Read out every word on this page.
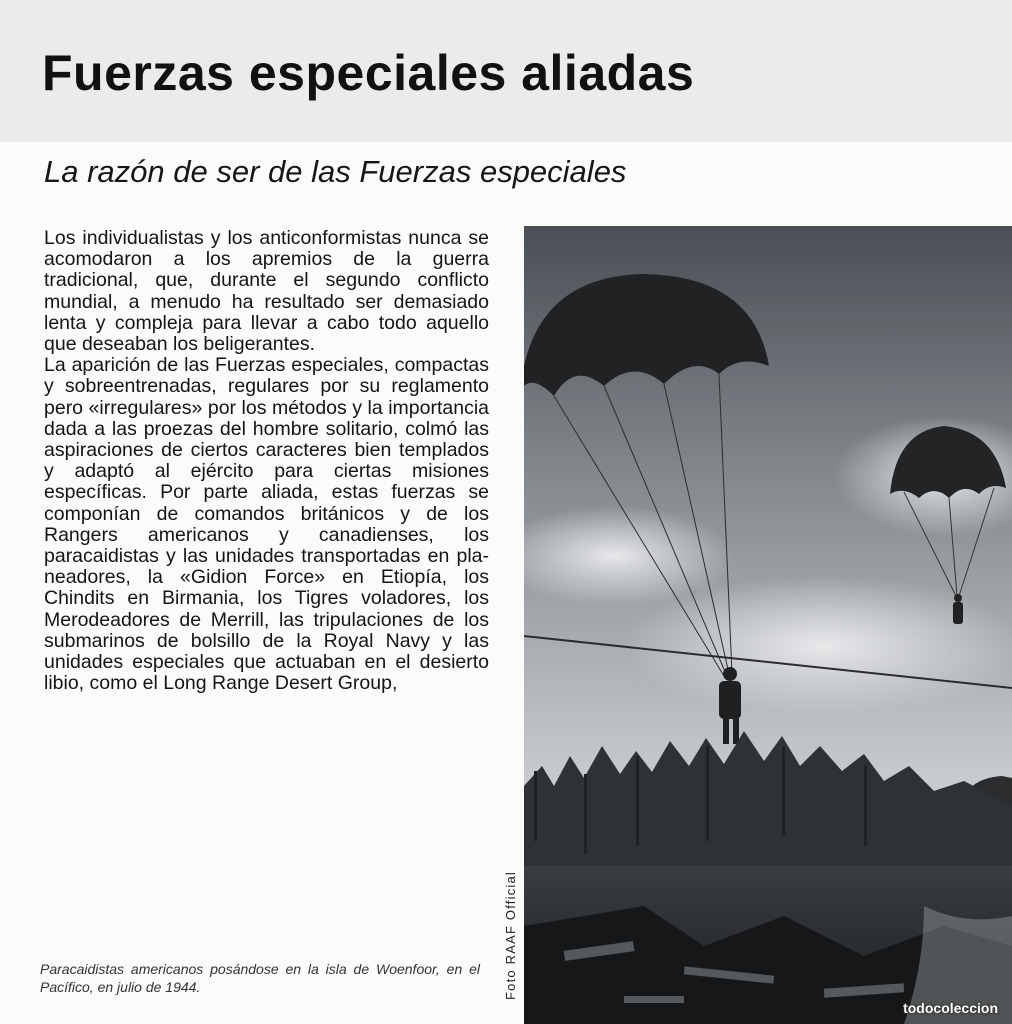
Fuerzas especiales aliadas
La razón de ser de las Fuerzas especiales

Los individualistas y los anticonformistas nunca se acomodaron a los apremios de la guerra tradicional, que, durante el segundo conflicto mundial, a menudo ha resultado ser demasiado lenta y compleja para llevar a cabo todo aquello que deseaban los beligerantes.

La aparición de las Fuerzas especiales, compactas y sobreentrenadas, regulares por su reglamento pero «irregulares» por los métodos y la importancia dada a las proezas del hombre solitario, colmó las aspiraciones de ciertos caracteres bien templados y adaptó al ejército para ciertas misiones específicas. Por parte aliada, estas fuerzas se componían de comandos británicos y de los Rangers americanos y canadienses, los paracaidistas y las unidades transportadas en planeadores, la «Gidion Force» en Etiopía, los Chindits en Birmania, los Tigres voladores, los Merodeadores de Merrill, las tripulaciones de los submarinos de bolsillo de la Royal Navy y las unidades especiales que actuaban en el desierto libio, como el Long Range Desert Group,

Paracaidistas americanos posándose en la isla de Woenfoor, en el Pacífico, en julio de 1944.	Foto RAAF Official
todocoleccion
